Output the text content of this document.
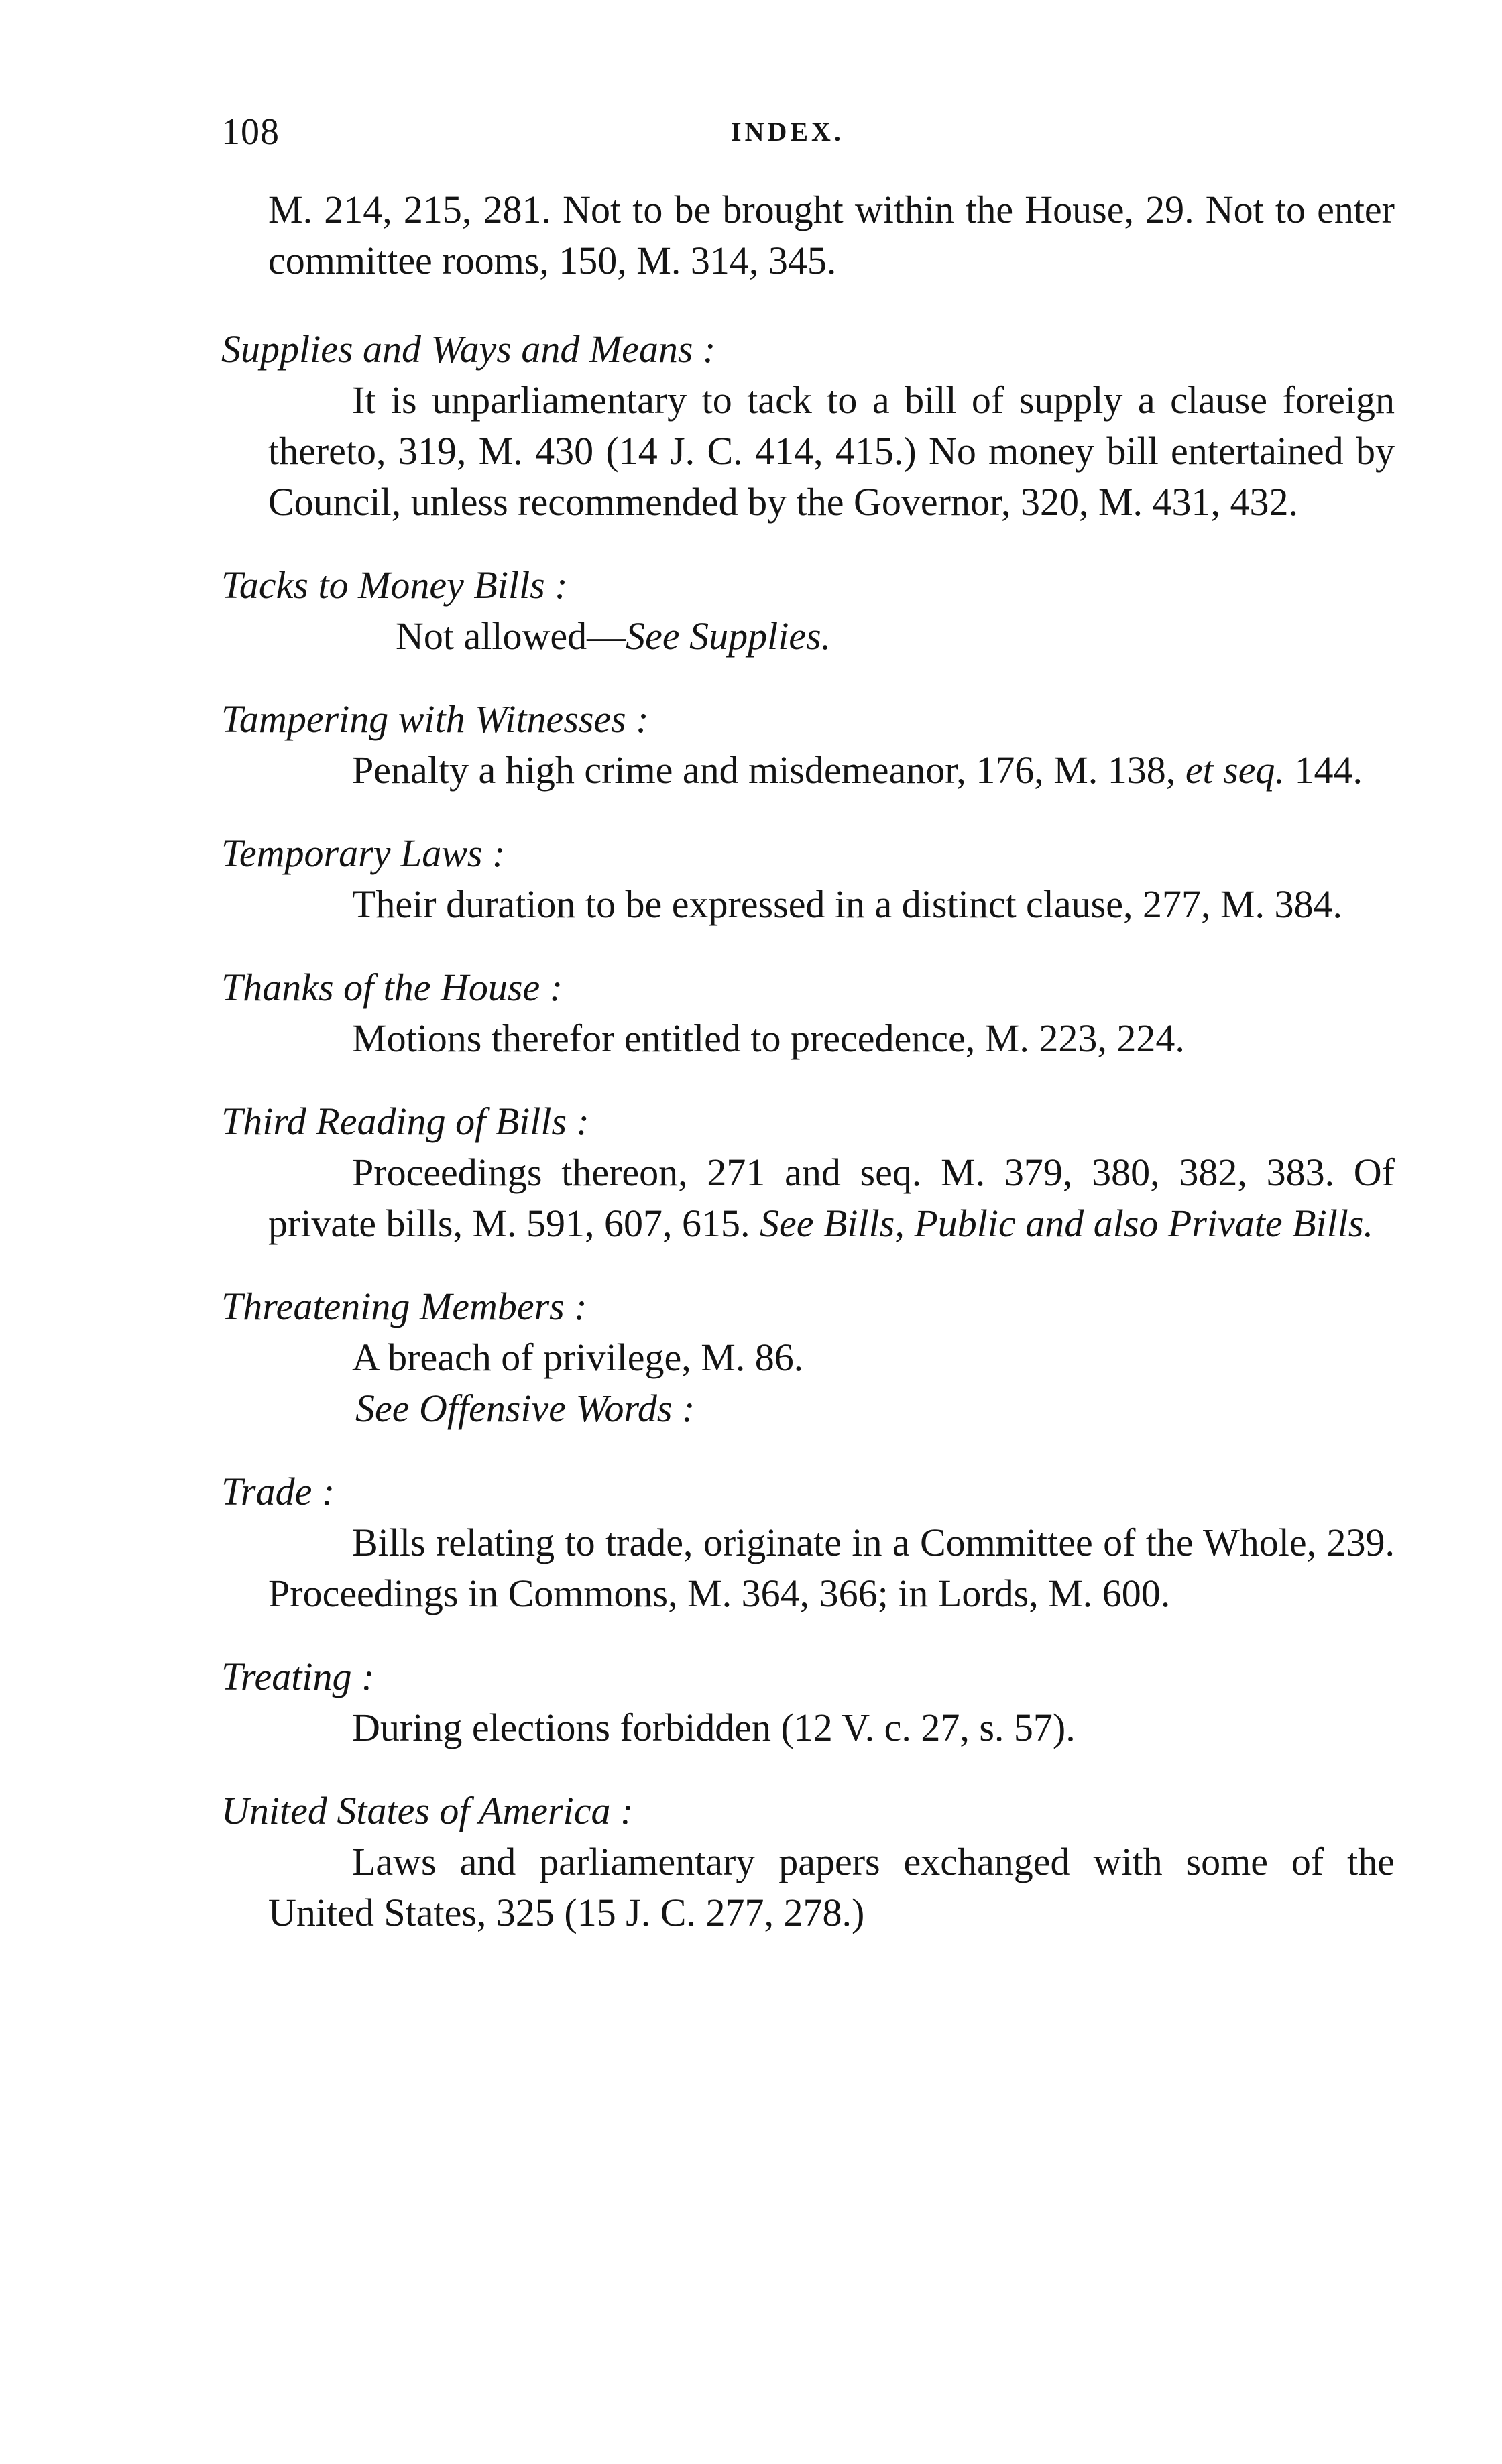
108	INDEX.

M. 214, 215, 281. Not to be brought within the House, 29. Not to enter committee rooms, 150, M. 314, 345.

Supplies and Ways and Means :

It is unparliamentary to tack to a bill of supply a clause foreign thereto, 319, M. 430 (14 J. C. 414, 415.) No money bill entertained by Council, unless recommended by the Governor, 320, M. 431, 432.

Tacks to Money Bills :

Not allowed—See Supplies.

Tampering with Witnesses :

Penalty a high crime and misdemeanor, 176, M. 138, et seq. 144.

Temporary Laws :

Their duration to be expressed in a distinct clause, 277, M. 384.

Thanks of the House :

Motions therefor entitled to precedence, M. 223, 224.

Third Reading of Bills :

Proceedings thereon, 271 and seq. M. 379, 380, 382, 383. Of private bills, M. 591, 607, 615. See Bills, Public and also Private Bills.

Threatening Members :

A breach of privilege, M. 86.

See Offensive Words :

Trade :

Bills relating to trade, originate in a Committee of the Whole, 239. Proceedings in Commons, M. 364, 366; in Lords, M. 600.

Treating :

During elections forbidden (12 V. c. 27, s. 57).

United States of America :

Laws and parliamentary papers exchanged with some of the United States, 325 (15 J. C. 277, 278.)
